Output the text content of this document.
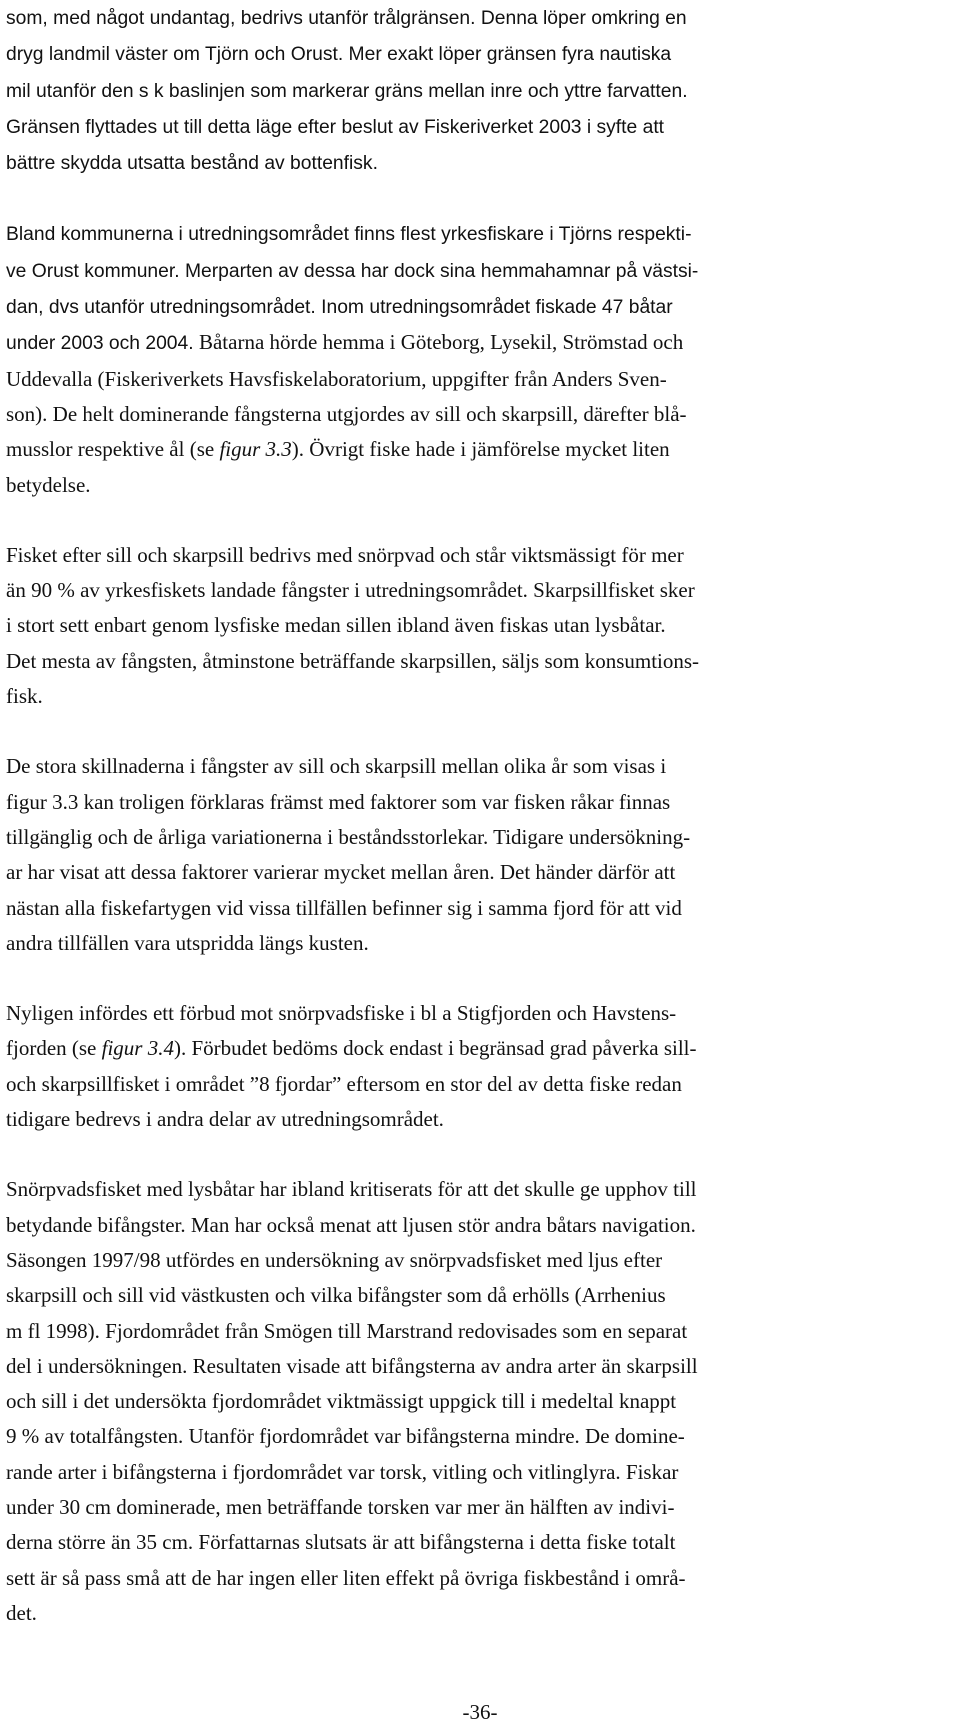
som, med något undantag, bedrivs utanför trålgränsen. Denna löper omkring en
dryg landmil väster om Tjörn och Orust. Mer exakt löper gränsen fyra nautiska
mil utanför den s k baslinjen som markerar gräns mellan inre och yttre farvatten.
Gränsen flyttades ut till detta läge efter beslut av Fiskeriverket 2003 i syfte att
bättre skydda utsatta bestånd av bottenfisk.

Bland kommunerna i utredningsområdet finns flest yrkesfiskare i Tjörns respekti-
ve Orust kommuner. Merparten av dessa har dock sina hemmahamnar på västsi-
dan, dvs utanför utredningsområdet. Inom utredningsområdet fiskade 47 båtar
under 2003 och 2004. Båtarna hörde hemma i Göteborg, Lysekil, Strömstad och
Uddevalla (Fiskeriverkets Havsfiskelaboratorium, uppgifter från Anders Sven-
son). De helt dominerande fångsterna utgjordes av sill och skarpsill, därefter blå-
musslor respektive ål (se figur 3.3). Övrigt fiske hade i jämförelse mycket liten
betydelse.

Fisket efter sill och skarpsill bedrivs med snörpvad och står viktsmässigt för mer
än 90 % av yrkesfiskets landade fångster i utredningsområdet. Skarpsillfisket sker
i stort sett enbart genom lysfiske medan sillen ibland även fiskas utan lysbåtar.
Det mesta av fångsten, åtminstone beträffande skarpsillen, säljs som konsumtions-
fisk.

De stora skillnaderna i fångster av sill och skarpsill mellan olika år som visas i
figur 3.3 kan troligen förklaras främst med faktorer som var fisken råkar finnas
tillgänglig och de årliga variationerna i beståndsstorlekar. Tidigare undersökning-
ar har visat att dessa faktorer varierar mycket mellan åren. Det händer därför att
nästan alla fiskefartygen vid vissa tillfällen befinner sig i samma fjord för att vid
andra tillfällen vara utspridda längs kusten.

Nyligen infördes ett förbud mot snörpvadsfiske i bl a Stigfjorden och Havstens-
fjorden (se figur 3.4). Förbudet bedöms dock endast i begränsad grad påverka sill-
och skarpsillfisket i området ”8 fjordar” eftersom en stor del av detta fiske redan
tidigare bedrevs i andra delar av utredningsområdet.

Snörpvadsfisket med lysbåtar har ibland kritiserats för att det skulle ge upphov till
betydande bifångster. Man har också menat att ljusen stör andra båtars navigation.
Säsongen 1997/98 utfördes en undersökning av snörpvadsfisket med ljus efter
skarpsill och sill vid västkusten och vilka bifångster som då erhölls (Arrhenius
m fl 1998). Fjordområdet från Smögen till Marstrand redovisades som en separat
del i undersökningen. Resultaten visade att bifångsterna av andra arter än skarpsill
och sill i det undersökta fjordområdet viktmässigt uppgick till i medeltal knappt
9 % av totalfångsten. Utanför fjordområdet var bifångsterna mindre. De domine-
rande arter i bifångsterna i fjordområdet var torsk, vitling och vitlinglyra. Fiskar
under 30 cm dominerade, men beträffande torsken var mer än hälften av indivi-
derna större än 35 cm. Författarnas slutsats är att bifångsterna i detta fiske totalt
sett är så pass små att de har ingen eller liten effekt på övriga fiskbestånd i områ-
det.

-36-
